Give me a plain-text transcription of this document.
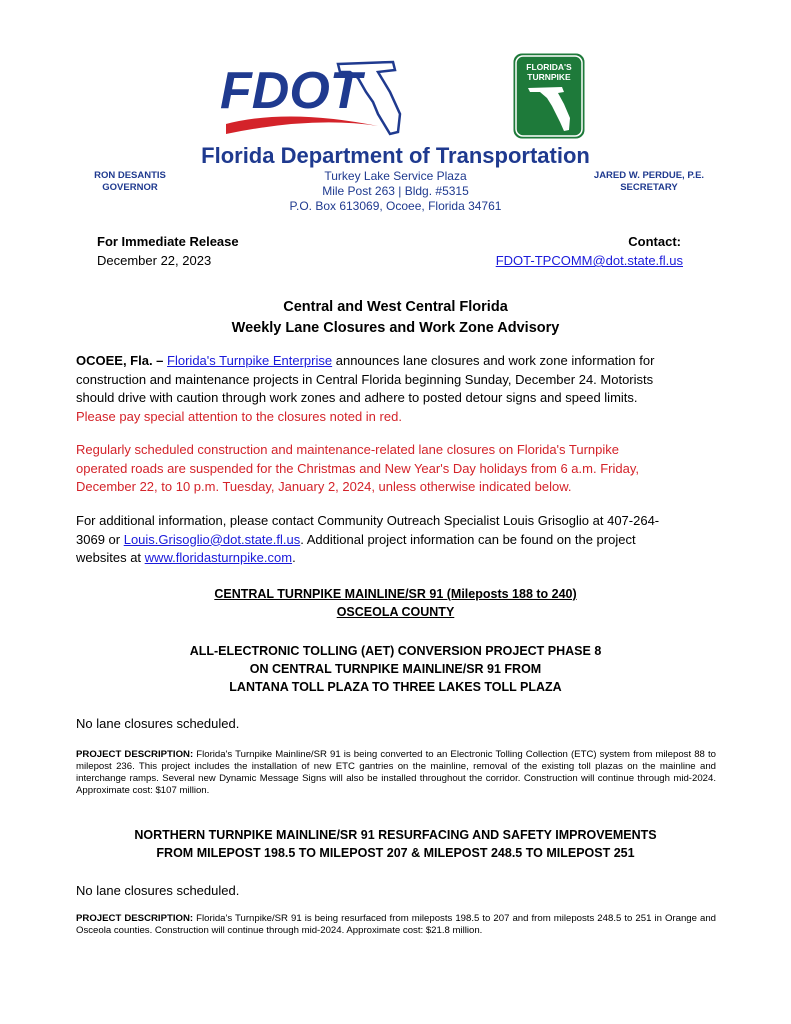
FDOT	FLORIDA'S
TURNPIKE
Florida Department of Transportation
RON DESANTIS
GOVERNOR
Turkey Lake Service Plaza
Mile Post 263 | Bldg. #5315
P.O. Box 613069, Ocoee, Florida 34761
JARED W. PERDUE, P.E.
SECRETARY
For Immediate Release
December 22, 2023
Contact:
FDOT-TPCOMM@dot.state.fl.us
Central and West Central Florida
Weekly Lane Closures and Work Zone Advisory
OCOEE, Fla. – Florida's Turnpike Enterprise announces lane closures and work zone information for
construction and maintenance projects in Central Florida beginning Sunday, December 24. Motorists
should drive with caution through work zones and adhere to posted detour signs and speed limits.
Please pay special attention to the closures noted in red.
Regularly scheduled construction and maintenance-related lane closures on Florida's Turnpike
operated roads are suspended for the Christmas and New Year's Day holidays from 6 a.m. Friday,
December 22, to 10 p.m. Tuesday, January 2, 2024, unless otherwise indicated below.
For additional information, please contact Community Outreach Specialist Louis Grisoglio at 407-264-
3069 or Louis.Grisoglio@dot.state.fl.us. Additional project information can be found on the project
websites at www.floridasturnpike.com.
CENTRAL TURNPIKE MAINLINE/SR 91 (Mileposts 188 to 240)
OSCEOLA COUNTY
ALL-ELECTRONIC TOLLING (AET) CONVERSION PROJECT PHASE 8
ON CENTRAL TURNPIKE MAINLINE/SR 91 FROM
LANTANA TOLL PLAZA TO THREE LAKES TOLL PLAZA
No lane closures scheduled.
PROJECT DESCRIPTION: Florida's Turnpike Mainline/SR 91 is being converted to an Electronic Tolling Collection (ETC) system from milepost 88 to milepost 236. This project includes the installation of new ETC gantries on the mainline, removal of the existing toll plazas on the mainline and interchange ramps. Several new Dynamic Message Signs will also be installed throughout the corridor. Construction will continue through mid-2024. Approximate cost: $107 million.
NORTHERN TURNPIKE MAINLINE/SR 91 RESURFACING AND SAFETY IMPROVEMENTS
FROM MILEPOST 198.5 TO MILEPOST 207 & MILEPOST 248.5 TO MILEPOST 251
No lane closures scheduled.
PROJECT DESCRIPTION: Florida's Turnpike/SR 91 is being resurfaced from mileposts 198.5 to 207 and from mileposts 248.5 to 251 in Orange and Osceola counties. Construction will continue through mid-2024. Approximate cost: $21.8 million.
